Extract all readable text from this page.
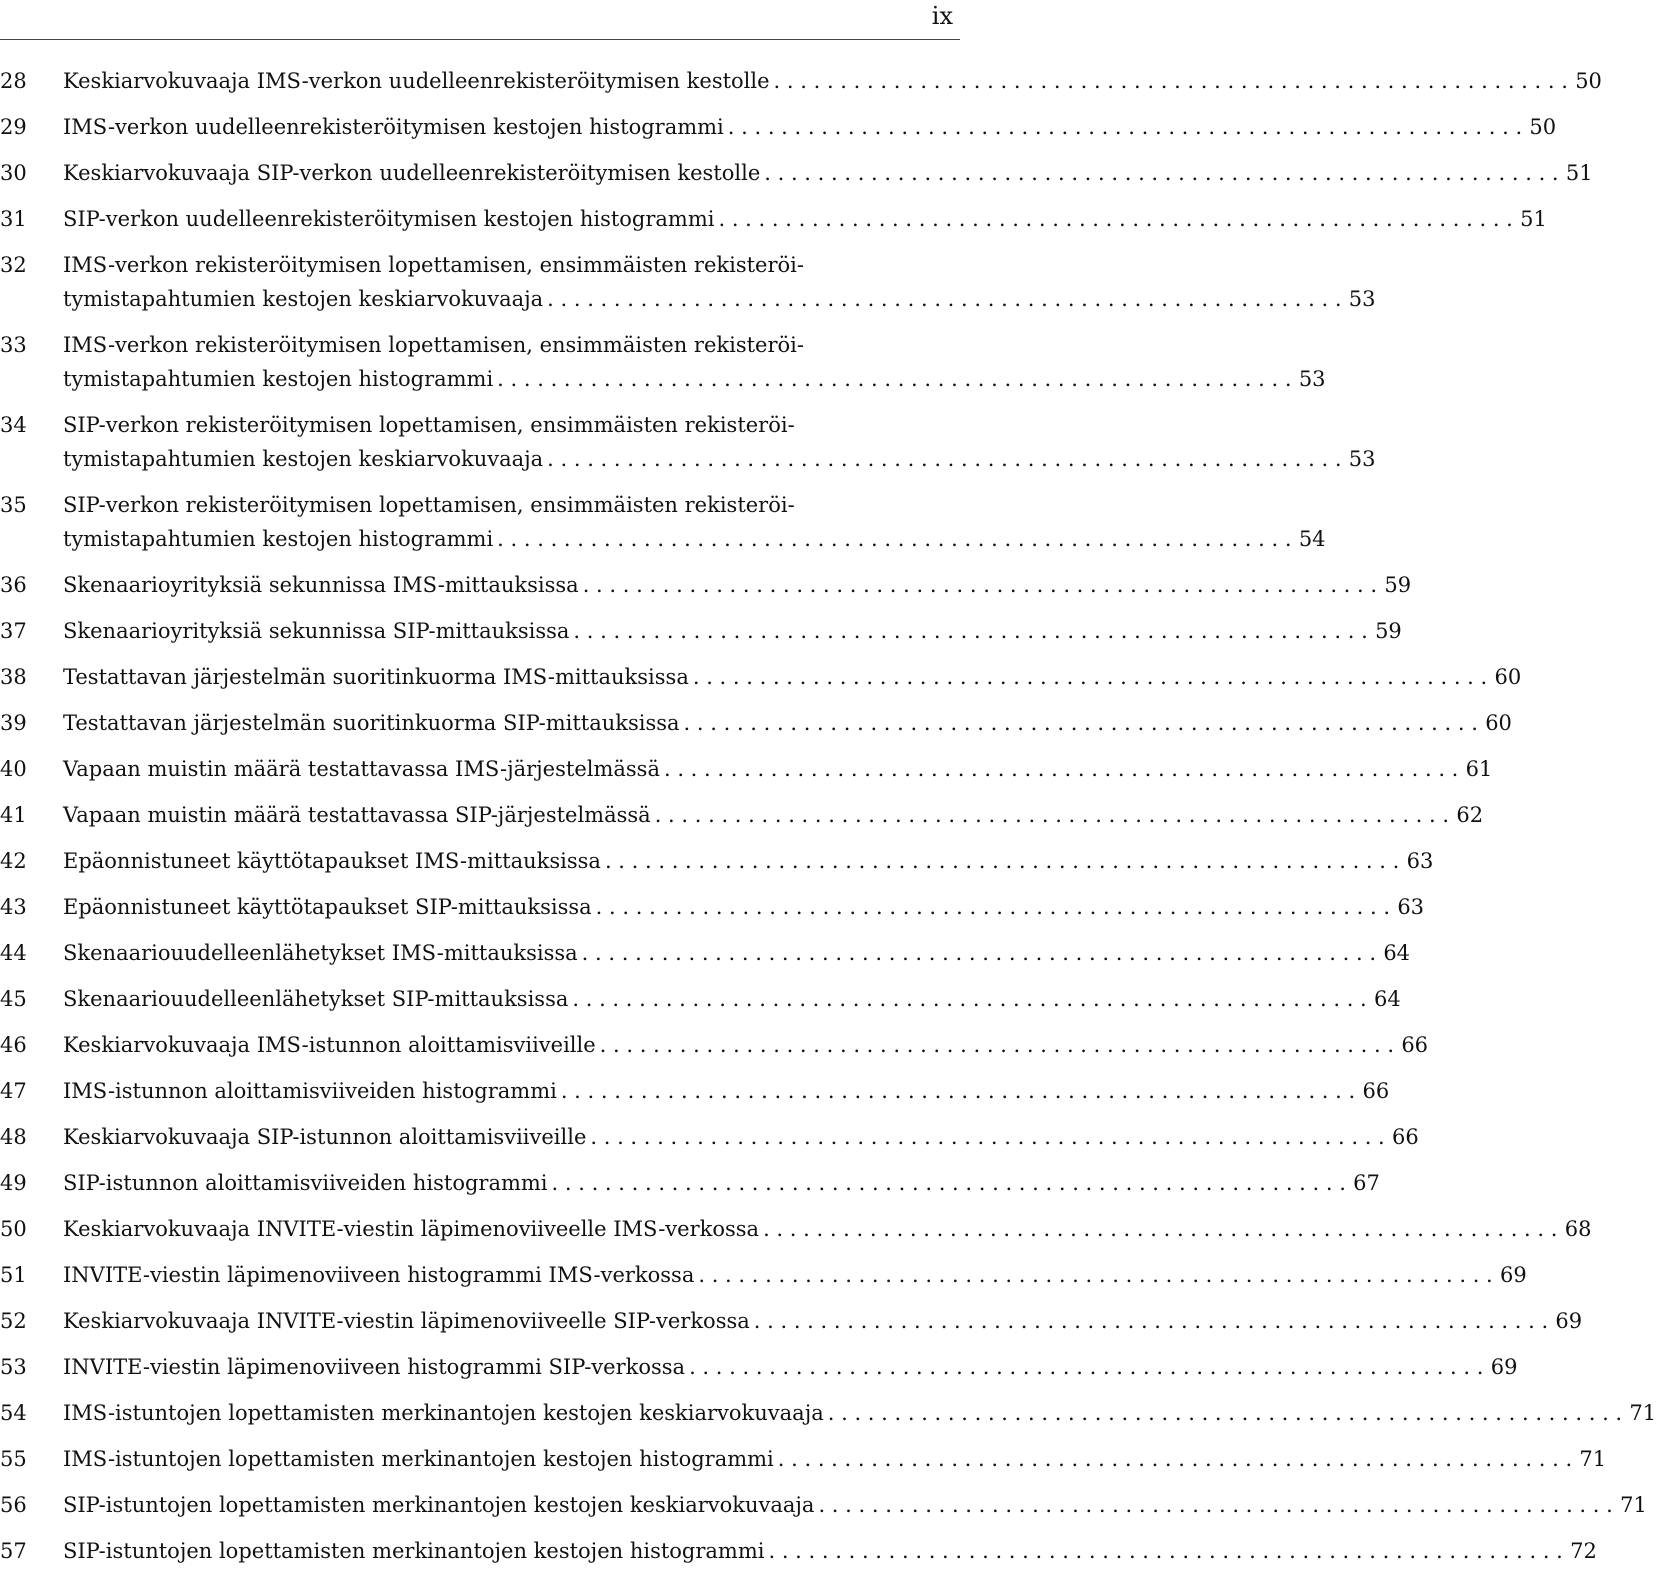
ix
28	Keskiarvokuvaaja IMS-verkon uudelleenrekisteröitymisen kestolle . . . . . . . . . . . . . . . . . . . . . . . . . . . . . . . . . . . . . . . . . . . . . . . . . . . . . . . . . . . . 50
29	IMS-verkon uudelleenrekisteröitymisen kestojen histogrammi . . . . . . . . . . . . . . . . . . . . . . . . . . . . . . . . . . . . . . . . . . . . . . . . . . . . . . . . . . . . 50
30	Keskiarvokuvaaja SIP-verkon uudelleenrekisteröitymisen kestolle . . . . . . . . . . . . . . . . . . . . . . . . . . . . . . . . . . . . . . . . . . . . . . . . . . . . . . . . . . . . 51
31	SIP-verkon uudelleenrekisteröitymisen kestojen histogrammi . . . . . . . . . . . . . . . . . . . . . . . . . . . . . . . . . . . . . . . . . . . . . . . . . . . . . . . . . . . . 51
32	IMS-verkon rekisteröitymisen lopettamisen, ensimmäisten rekisteröi-
tymistapahtumien kestojen keskiarvokuvaaja . . . . . . . . . . . . . . . . . . . . . . . . . . . . . . . . . . . . . . . . . . . . . . . . . . . . . . . . . . . . 53
33	IMS-verkon rekisteröitymisen lopettamisen, ensimmäisten rekisteröi-
tymistapahtumien kestojen histogrammi . . . . . . . . . . . . . . . . . . . . . . . . . . . . . . . . . . . . . . . . . . . . . . . . . . . . . . . . . . . . 53
34	SIP-verkon rekisteröitymisen lopettamisen, ensimmäisten rekisteröi-
tymistapahtumien kestojen keskiarvokuvaaja . . . . . . . . . . . . . . . . . . . . . . . . . . . . . . . . . . . . . . . . . . . . . . . . . . . . . . . . . . . . 53
35	SIP-verkon rekisteröitymisen lopettamisen, ensimmäisten rekisteröi-
tymistapahtumien kestojen histogrammi . . . . . . . . . . . . . . . . . . . . . . . . . . . . . . . . . . . . . . . . . . . . . . . . . . . . . . . . . . . . 54
36	Skenaarioyrityksiä sekunnissa IMS-mittauksissa . . . . . . . . . . . . . . . . . . . . . . . . . . . . . . . . . . . . . . . . . . . . . . . . . . . . . . . . . . . . 59
37	Skenaarioyrityksiä sekunnissa SIP-mittauksissa . . . . . . . . . . . . . . . . . . . . . . . . . . . . . . . . . . . . . . . . . . . . . . . . . . . . . . . . . . . . 59
38	Testattavan järjestelmän suoritinkuorma IMS-mittauksissa . . . . . . . . . . . . . . . . . . . . . . . . . . . . . . . . . . . . . . . . . . . . . . . . . . . . . . . . . . . . 60
39	Testattavan järjestelmän suoritinkuorma SIP-mittauksissa . . . . . . . . . . . . . . . . . . . . . . . . . . . . . . . . . . . . . . . . . . . . . . . . . . . . . . . . . . . . 60
40	Vapaan muistin määrä testattavassa IMS-järjestelmässä . . . . . . . . . . . . . . . . . . . . . . . . . . . . . . . . . . . . . . . . . . . . . . . . . . . . . . . . . . . . 61
41	Vapaan muistin määrä testattavassa SIP-järjestelmässä . . . . . . . . . . . . . . . . . . . . . . . . . . . . . . . . . . . . . . . . . . . . . . . . . . . . . . . . . . . . 62
42	Epäonnistuneet käyttötapaukset IMS-mittauksissa . . . . . . . . . . . . . . . . . . . . . . . . . . . . . . . . . . . . . . . . . . . . . . . . . . . . . . . . . . . . 63
43	Epäonnistuneet käyttötapaukset SIP-mittauksissa . . . . . . . . . . . . . . . . . . . . . . . . . . . . . . . . . . . . . . . . . . . . . . . . . . . . . . . . . . . . 63
44	Skenaariouudelleenlähetykset IMS-mittauksissa . . . . . . . . . . . . . . . . . . . . . . . . . . . . . . . . . . . . . . . . . . . . . . . . . . . . . . . . . . . . 64
45	Skenaariouudelleenlähetykset SIP-mittauksissa . . . . . . . . . . . . . . . . . . . . . . . . . . . . . . . . . . . . . . . . . . . . . . . . . . . . . . . . . . . . 64
46	Keskiarvokuvaaja IMS-istunnon aloittamisviiveille . . . . . . . . . . . . . . . . . . . . . . . . . . . . . . . . . . . . . . . . . . . . . . . . . . . . . . . . . . . . 66
47	IMS-istunnon aloittamisviiveiden histogrammi . . . . . . . . . . . . . . . . . . . . . . . . . . . . . . . . . . . . . . . . . . . . . . . . . . . . . . . . . . . . 66
48	Keskiarvokuvaaja SIP-istunnon aloittamisviiveille . . . . . . . . . . . . . . . . . . . . . . . . . . . . . . . . . . . . . . . . . . . . . . . . . . . . . . . . . . . . 66
49	SIP-istunnon aloittamisviiveiden histogrammi . . . . . . . . . . . . . . . . . . . . . . . . . . . . . . . . . . . . . . . . . . . . . . . . . . . . . . . . . . . . 67
50	Keskiarvokuvaaja INVITE-viestin läpimenoviiveelle IMS-verkossa . . . . . . . . . . . . . . . . . . . . . . . . . . . . . . . . . . . . . . . . . . . . . . . . . . . . . . . . . . . . 68
51	INVITE-viestin läpimenoviiveen histogrammi IMS-verkossa . . . . . . . . . . . . . . . . . . . . . . . . . . . . . . . . . . . . . . . . . . . . . . . . . . . . . . . . . . . . 69
52	Keskiarvokuvaaja INVITE-viestin läpimenoviiveelle SIP-verkossa . . . . . . . . . . . . . . . . . . . . . . . . . . . . . . . . . . . . . . . . . . . . . . . . . . . . . . . . . . . . 69
53	INVITE-viestin läpimenoviiveen histogrammi SIP-verkossa . . . . . . . . . . . . . . . . . . . . . . . . . . . . . . . . . . . . . . . . . . . . . . . . . . . . . . . . . . . . 69
54	IMS-istuntojen lopettamisten merkinantojen kestojen keskiarvokuvaaja . . . . . . . . . . . . . . . . . . . . . . . . . . . . . . . . . . . . . . . . . . . . . . . . . . . . . . . . . . . . 71
55	IMS-istuntojen lopettamisten merkinantojen kestojen histogrammi . . . . . . . . . . . . . . . . . . . . . . . . . . . . . . . . . . . . . . . . . . . . . . . . . . . . . . . . . . . . 71
56	SIP-istuntojen lopettamisten merkinantojen kestojen keskiarvokuvaaja . . . . . . . . . . . . . . . . . . . . . . . . . . . . . . . . . . . . . . . . . . . . . . . . . . . . . . . . . . . . 71
57	SIP-istuntojen lopettamisten merkinantojen kestojen histogrammi . . . . . . . . . . . . . . . . . . . . . . . . . . . . . . . . . . . . . . . . . . . . . . . . . . . . . . . . . . . . 72
